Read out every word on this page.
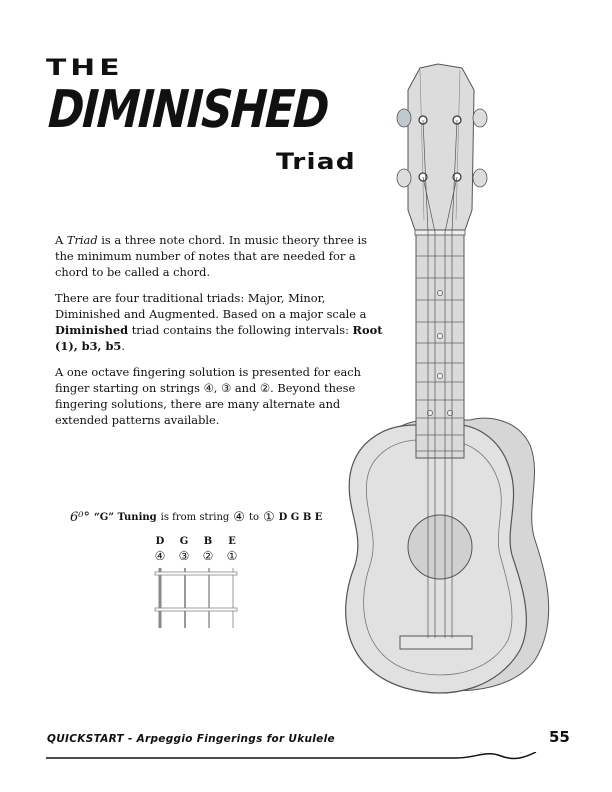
THE
DIMINISHED
Triad

A Triad is a three note chord. In music theory three is the minimum number of notes that are needed for a chord to be called a chord.

There are four traditional triads: Major, Minor, Diminished and Augmented. Based on a major scale a Diminished triad contains the following intervals: Root (1), b3, b5.

A one octave fingering solution is presented for each finger starting on strings ④, ③ and ②. Beyond these fingering solutions, there are many alternate and extended patterns available.

6⁰° “G” Tuning is from string ④ to ① D G B E
D	G	B	E
④ ③ ② ①
QUICKSTART - Arpeggio Fingerings for Ukulele	55
